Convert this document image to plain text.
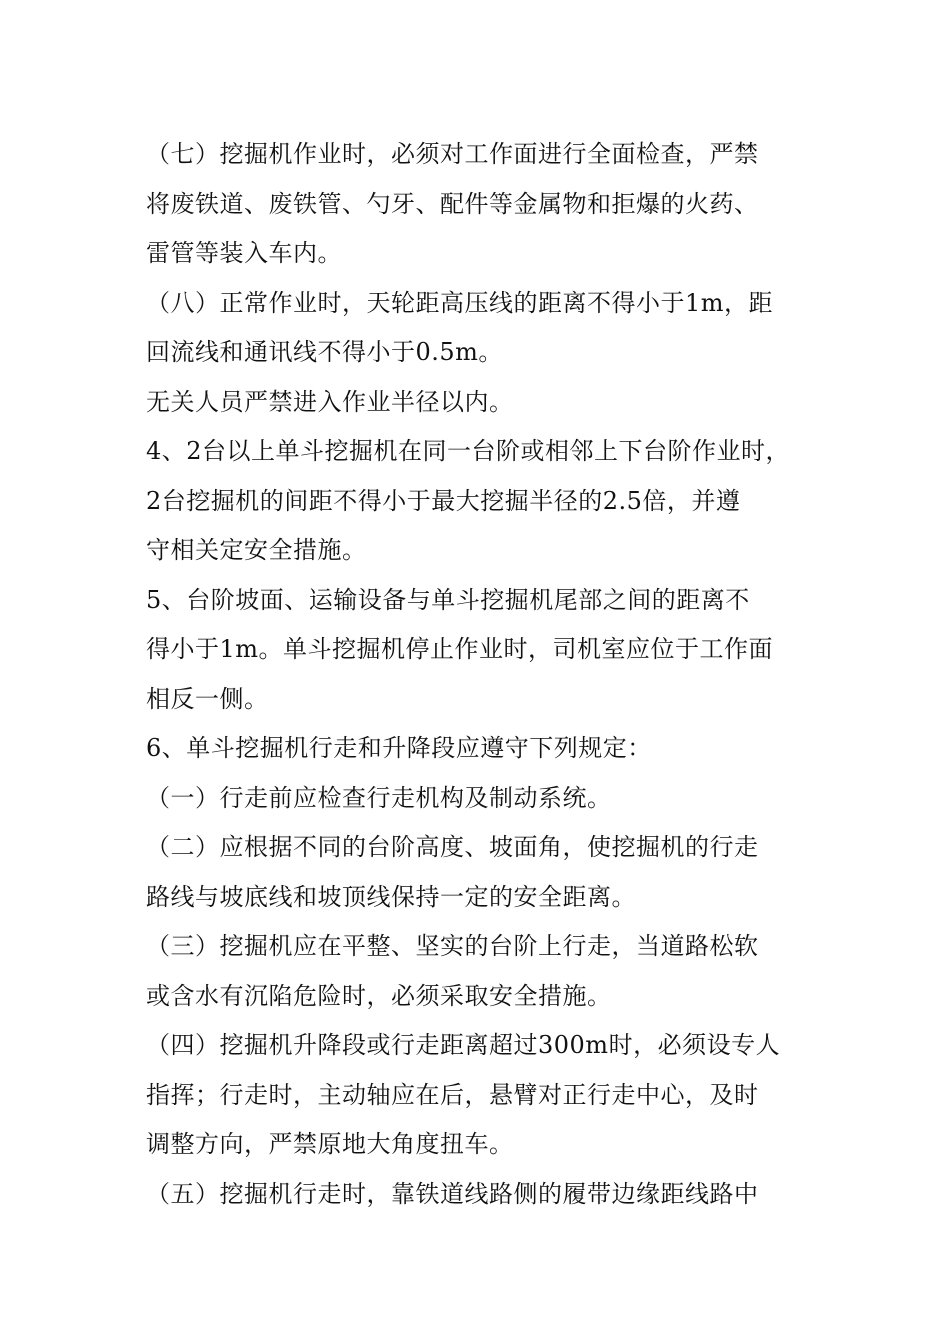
（七）挖掘机作业时，必须对工作面进行全面检查，严禁
将废铁道、废铁管、勺牙、配件等金属物和拒爆的火药、
雷管等装入车内。
（八）正常作业时，天轮距高压线的距离不得小于1m，距
回流线和通讯线不得小于0.5m。
无关人员严禁进入作业半径以内。
4、2台以上单斗挖掘机在同一台阶或相邻上下台阶作业时，
2台挖掘机的间距不得小于最大挖掘半径的2.5倍，并遵
守相关定安全措施。
5、台阶坡面、运输设备与单斗挖掘机尾部之间的距离不
得小于1m。单斗挖掘机停止作业时，司机室应位于工作面
相反一侧。
6、单斗挖掘机行走和升降段应遵守下列规定：
（一）行走前应检查行走机构及制动系统。
（二）应根据不同的台阶高度、坡面角，使挖掘机的行走
路线与坡底线和坡顶线保持一定的安全距离。
（三）挖掘机应在平整、坚实的台阶上行走，当道路松软
或含水有沉陷危险时，必须采取安全措施。
（四）挖掘机升降段或行走距离超过300m时，必须设专人
指挥；行走时，主动轴应在后，悬臂对正行走中心，及时
调整方向，严禁原地大角度扭车。
（五）挖掘机行走时，靠铁道线路侧的履带边缘距线路中
